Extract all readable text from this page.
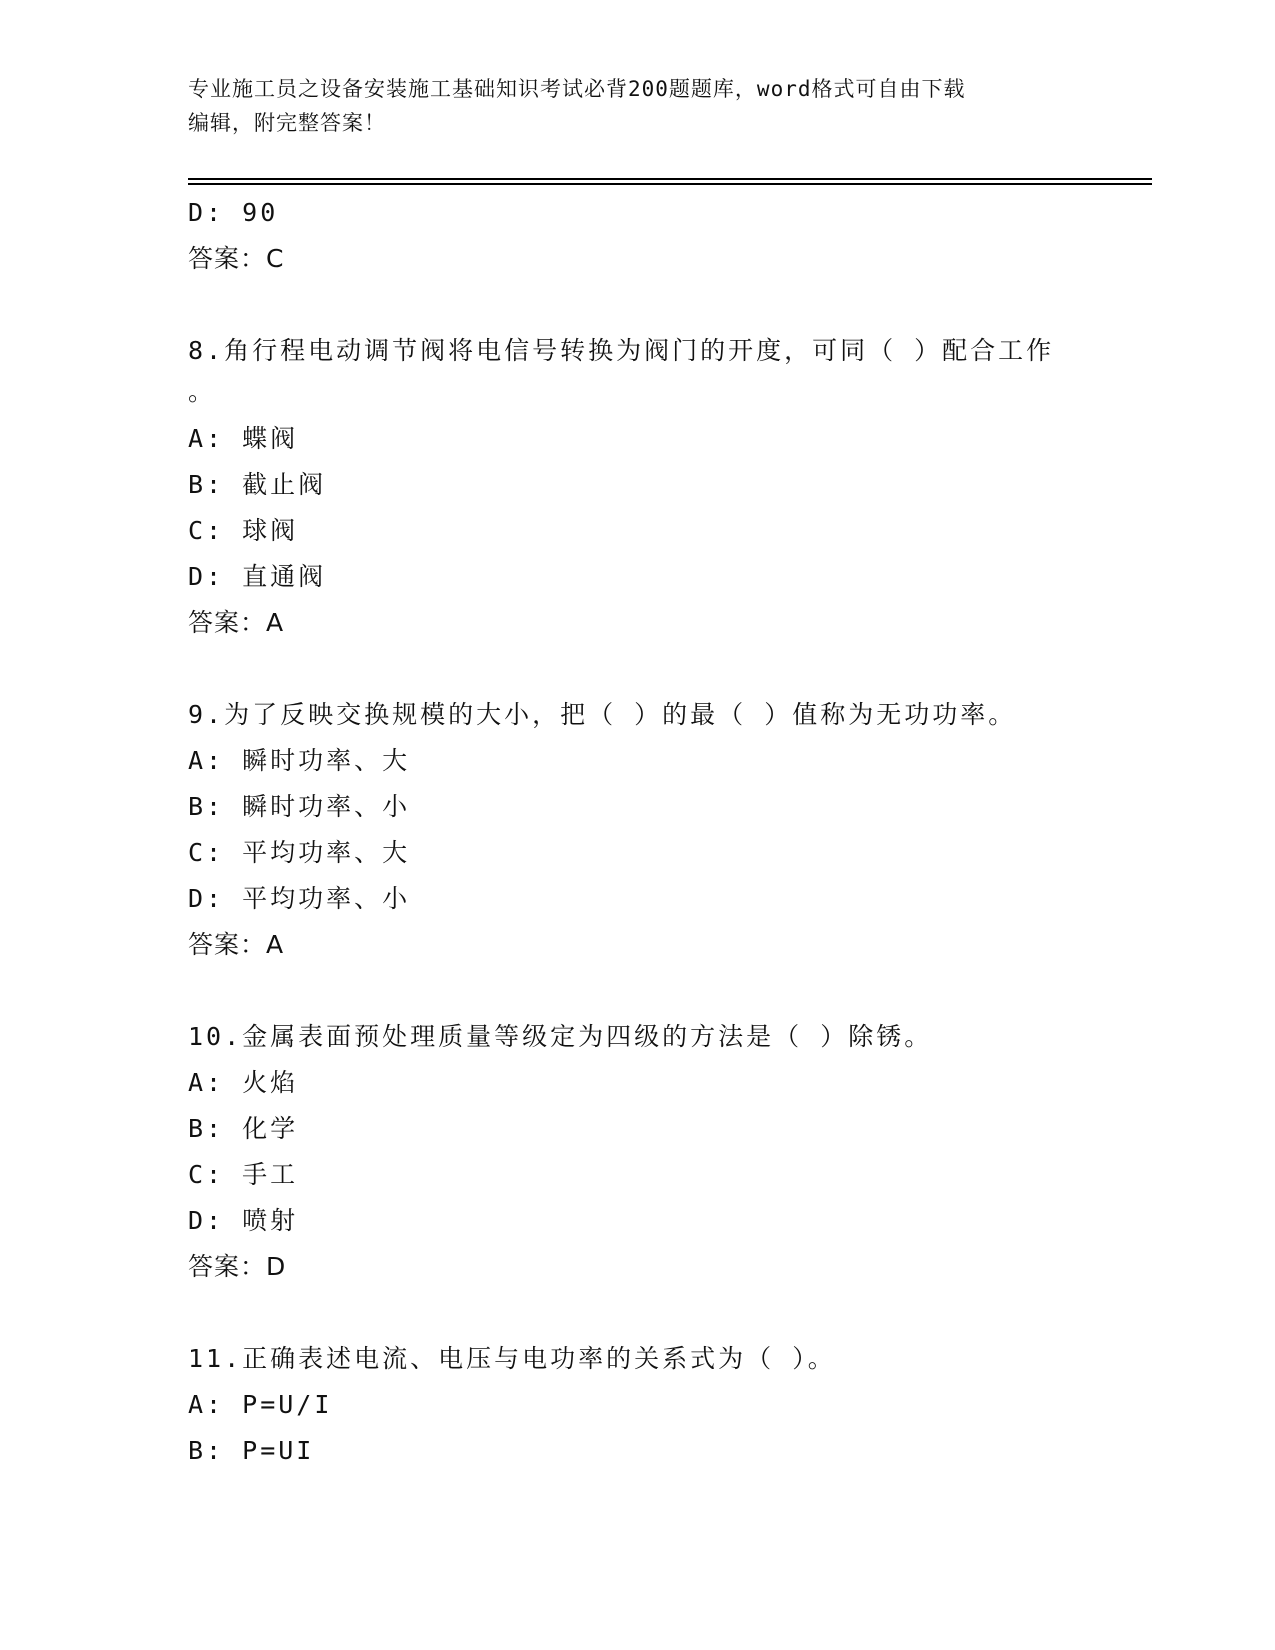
专业施工员之设备安装施工基础知识考试必背200题题库，word格式可自由下载
编辑，附完整答案！
D: 90
答案：C
8.角行程电动调节阀将电信号转换为阀门的开度，可同（ ）配合工作
。
A: 蝶阀
B: 截止阀
C: 球阀
D: 直通阀
答案：A
9.为了反映交换规模的大小，把（ ）的最（ ）值称为无功功率。
A: 瞬时功率、大
B: 瞬时功率、小
C: 平均功率、大
D: 平均功率、小
答案：A
10.金属表面预处理质量等级定为四级的方法是（ ）除锈。
A: 火焰
B: 化学
C: 手工
D: 喷射
答案：D
11.正确表述电流、电压与电功率的关系式为（ ）。
A: P=U/I
B: P=UI
